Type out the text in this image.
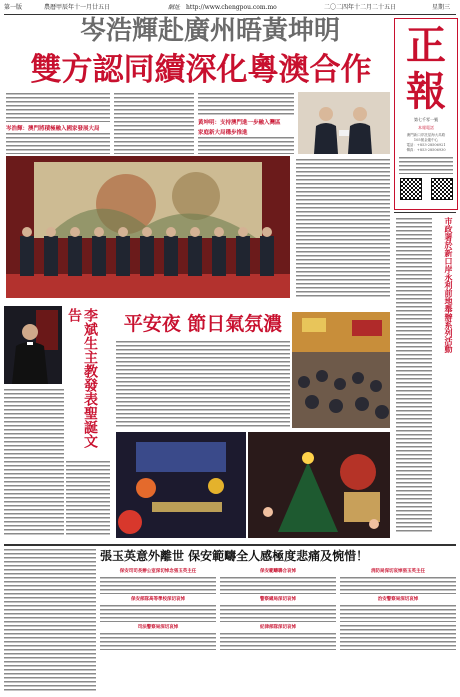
第一版	農曆甲辰年十一月廿五日	網址 http://www.chengpou.com.mo	二〇二四年十二月二十五日	星期三
正
報
第七千零一號
本報電話
澳門新口岸冼星海大馬路
105號金龍中心
電話：+853-28506921
傳真：+853-28506930
岑浩輝赴廣州晤黃坤明
雙方認同續深化粵澳合作
岑浩輝：澳門將積極融入國家發展大局
黃坤明：支持澳門進一步融入灣區
家庭新大局穩步推進
市政署於新口岸永利前地舉辦系列活動
李斌生主教發表聖誕文告	平安夜 節日氣氛濃
張玉英意外離世 保安範疇全人感極度悲痛及惋惜！
保安司司長辦公室深切悼念張玉英主任
保安部隊高等學校深切哀悼
司法警察局深切哀悼
保安範疇聯合哀悼
警察總局深切哀悼
紀律部隊深切哀悼
消防局深切哀悼張玉英主任
治安警察局深切哀悼
